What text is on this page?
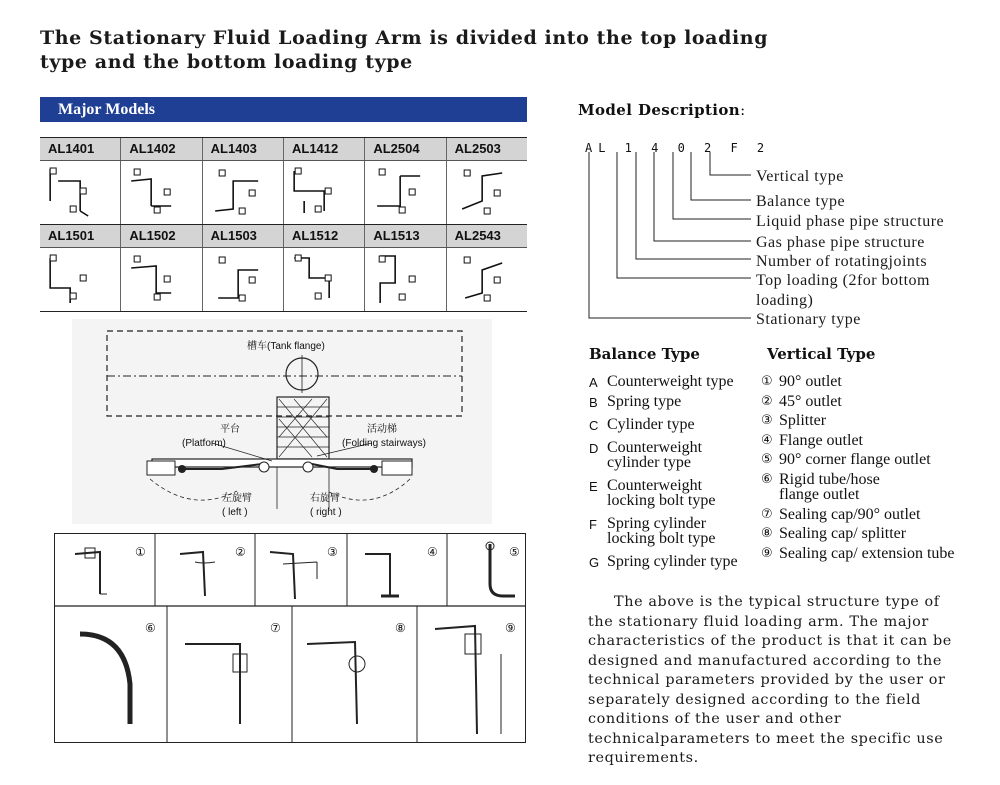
The Stationary Fluid Loading Arm is divided into the top loading
type and the bottom loading type
Major Models
AL1401	AL1402	AL1403	AL1412	AL2504	AL2503
AL1501	AL1502	AL1503	AL1512	AL1513	AL2543
槽车(Tank flange)
平台
(Platform)
活动梯
(Folding stairways)
左旋臂
( left )
右旋臂
( right )
①	②	③	④	⑤
⑥	⑦	⑧	⑨
Model Description:
AL 1 4 0 2 F 2
Vertical type
Balance type
Liquid phase pipe structure
Gas phase pipe structure
Number of rotatingjoints
Top loading (2for bottom
loading)
Stationary type
Balance Type	Vertical Type
A Counterweight type
B Spring type
C Cylinder type
D Counterweight cylinder type
E Counterweight locking bolt type
F Spring cylinder locking bolt type
G Spring cylinder type
① 90° outlet
② 45° outlet
③ Splitter
④ Flange outlet
⑤ 90° corner flange outlet
⑥ Rigid tube/hose flange outlet
⑦ Sealing cap/90° outlet
⑧ Sealing cap/ splitter
⑨ Sealing cap/ extension tube
The above is the typical structure type of the stationary fluid loading arm. The major characteristics of the product is that it can be designed and manufactured according to the technical parameters provided by the user or separately designed according to the field conditions of the user and other technicalparameters to meet the specific use requirements.
